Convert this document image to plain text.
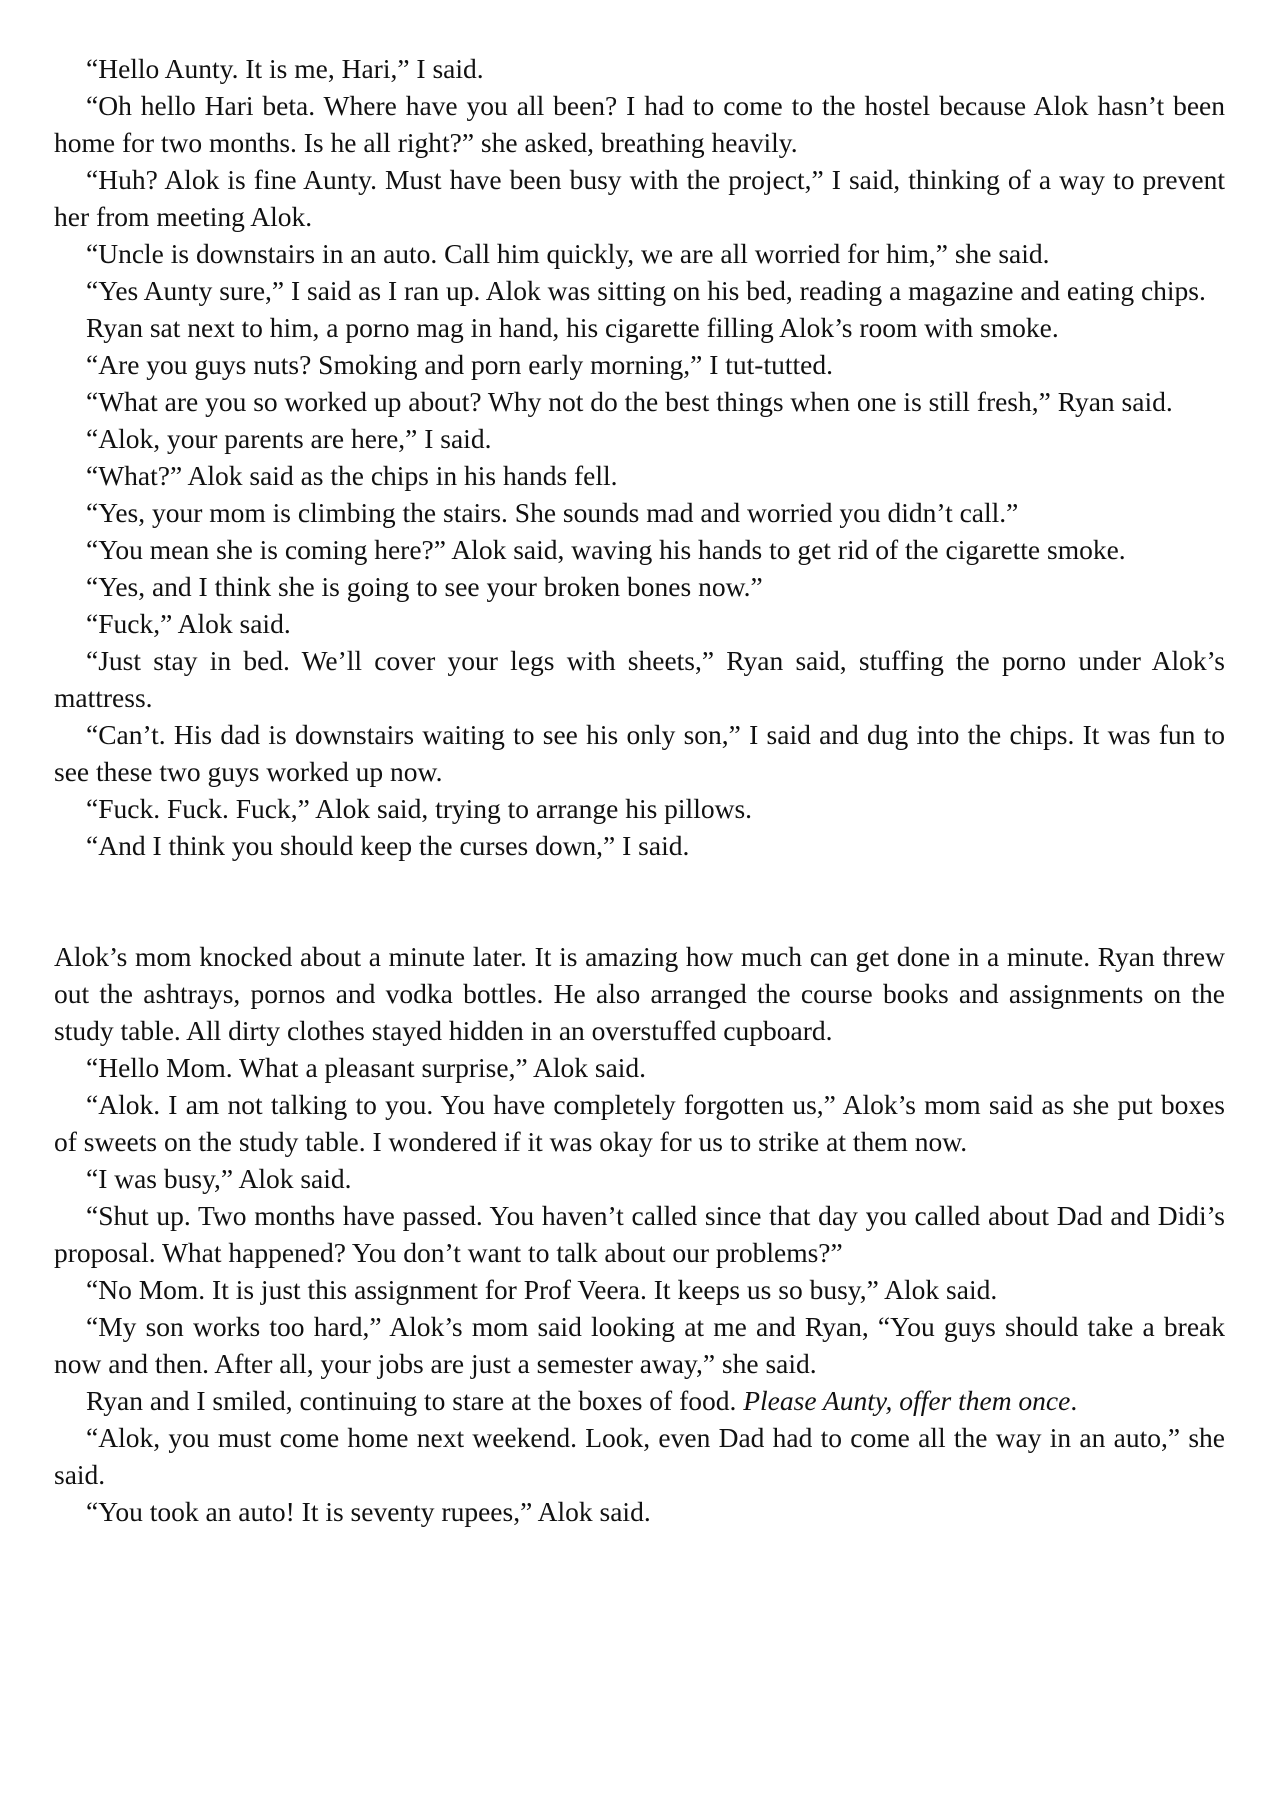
“Hello Aunty. It is me, Hari,” I said.

“Oh hello Hari beta. Where have you all been? I had to come to the hostel because Alok hasn’t been home for two months. Is he all right?” she asked, breathing heavily.

“Huh? Alok is fine Aunty. Must have been busy with the project,” I said, thinking of a way to prevent her from meeting Alok.

“Uncle is downstairs in an auto. Call him quickly, we are all worried for him,” she said.

“Yes Aunty sure,” I said as I ran up. Alok was sitting on his bed, reading a magazine and eating chips.

Ryan sat next to him, a porno mag in hand, his cigarette filling Alok’s room with smoke.

“Are you guys nuts? Smoking and porn early morning,” I tut-tutted.

“What are you so worked up about? Why not do the best things when one is still fresh,” Ryan said.

“Alok, your parents are here,” I said.

“What?” Alok said as the chips in his hands fell.

“Yes, your mom is climbing the stairs. She sounds mad and worried you didn’t call.”

“You mean she is coming here?” Alok said, waving his hands to get rid of the cigarette smoke.

“Yes, and I think she is going to see your broken bones now.”

“Fuck,” Alok said.

“Just stay in bed. We’ll cover your legs with sheets,” Ryan said, stuffing the porno under Alok’s mattress.

“Can’t. His dad is downstairs waiting to see his only son,” I said and dug into the chips. It was fun to see these two guys worked up now.

“Fuck. Fuck. Fuck,” Alok said, trying to arrange his pillows.

“And I think you should keep the curses down,” I said.

Alok’s mom knocked about a minute later. It is amazing how much can get done in a minute. Ryan threw out the ashtrays, pornos and vodka bottles. He also arranged the course books and assignments on the study table. All dirty clothes stayed hidden in an overstuffed cupboard.

“Hello Mom. What a pleasant surprise,” Alok said.

“Alok. I am not talking to you. You have completely forgotten us,” Alok’s mom said as she put boxes of sweets on the study table. I wondered if it was okay for us to strike at them now.

“I was busy,” Alok said.

“Shut up. Two months have passed. You haven’t called since that day you called about Dad and Didi’s proposal. What happened? You don’t want to talk about our problems?”

“No Mom. It is just this assignment for Prof Veera. It keeps us so busy,” Alok said.

“My son works too hard,” Alok’s mom said looking at me and Ryan, “You guys should take a break now and then. After all, your jobs are just a semester away,” she said.

Ryan and I smiled, continuing to stare at the boxes of food. Please Aunty, offer them once.

“Alok, you must come home next weekend. Look, even Dad had to come all the way in an auto,” she said.

“You took an auto! It is seventy rupees,” Alok said.
